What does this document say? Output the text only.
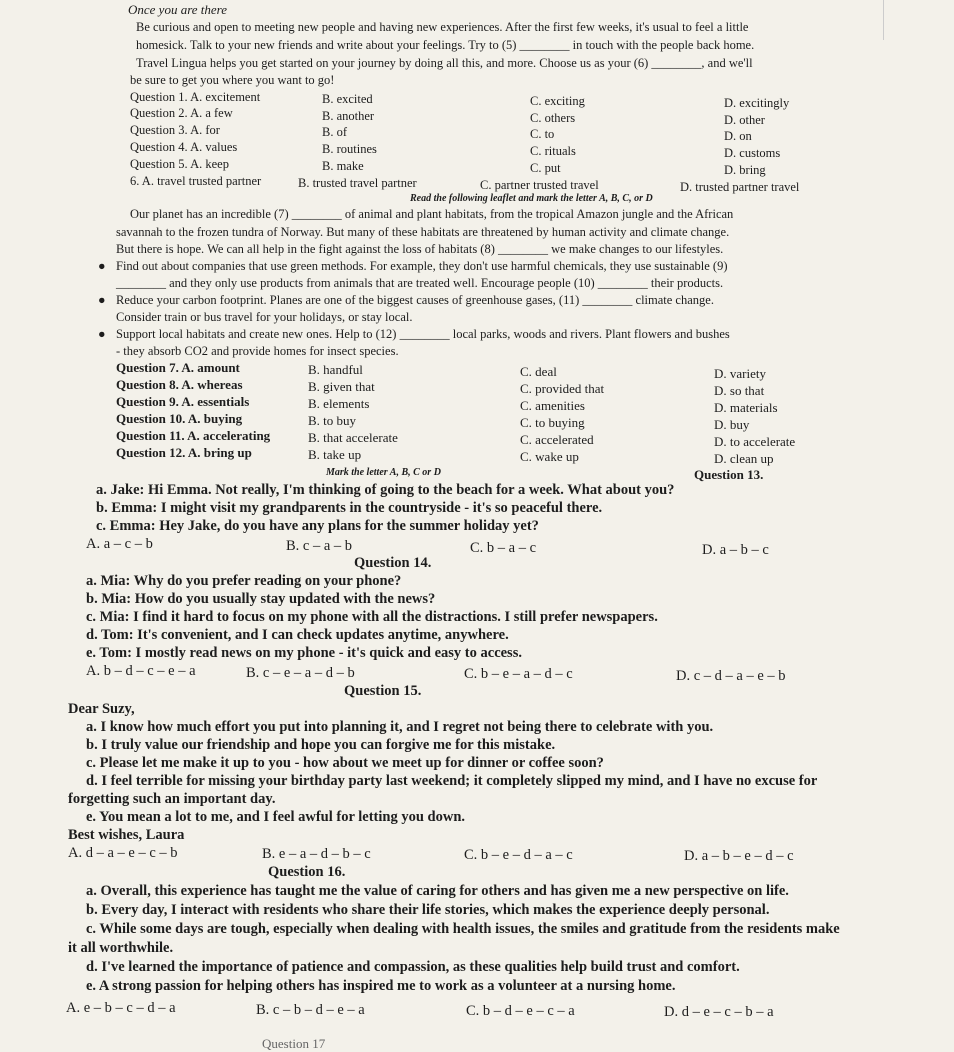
Once you are there
Be curious and open to meeting new people and having new experiences. After the first few weeks, it's usual to feel a little
homesick. Talk to your new friends and write about your feelings. Try to (5) ________ in touch with the people back home.
Travel Lingua helps you get started on your journey by doing all this, and more. Choose us as your (6) ________, and we'll
be sure to get you where you want to go!
Question 1. A. excitement	B. excited	C. exciting	D. excitingly
Question 2. A. a few	B. another	C. others	D. other
Question 3. A. for	B. of	C. to	D. on
Question 4. A. values	B. routines	C. rituals	D. customs
Question 5. A. keep	B. make	C. put	D. bring
6. A. travel trusted partner	B. trusted travel partner	C. partner trusted travel	D. trusted partner travel
Read the following leaflet and mark the letter A, B, C, or D
Our planet has an incredible (7) ________ of animal and plant habitats, from the tropical Amazon jungle and the African
savannah to the frozen tundra of Norway. But many of these habitats are threatened by human activity and climate change.
But there is hope. We can all help in the fight against the loss of habitats (8) ________ we make changes to our lifestyles.
● Find out about companies that use green methods. For example, they don't use harmful chemicals, they use sustainable (9)
________ and they only use products from animals that are treated well. Encourage people (10) ________ their products.
● Reduce your carbon footprint. Planes are one of the biggest causes of greenhouse gases, (11) ________ climate change.
Consider train or bus travel for your holidays, or stay local.
● Support local habitats and create new ones. Help to (12) ________ local parks, woods and rivers. Plant flowers and bushes
- they absorb CO2 and provide homes for insect species.
Question 7. A. amount	B. handful	C. deal	D. variety
Question 8. A. whereas	B. given that	C. provided that	D. so that
Question 9. A. essentials	B. elements	C. amenities	D. materials
Question 10. A. buying	B. to buy	C. to buying	D. buy
Question 11. A. accelerating	B. that accelerate	C. accelerated	D. to accelerate
Question 12. A. bring up	B. take up	C. wake up	D. clean up
Mark the letter A, B, C or D	Question 13.
a. Jake: Hi Emma. Not really, I'm thinking of going to the beach for a week. What about you?
b. Emma: I might visit my grandparents in the countryside - it's so peaceful there.
c. Emma: Hey Jake, do you have any plans for the summer holiday yet?
A. a – c – b	B. c – a – b	C. b – a – c	D. a – b – c
Question 14.
a. Mia: Why do you prefer reading on your phone?
b. Mia: How do you usually stay updated with the news?
c. Mia: I find it hard to focus on my phone with all the distractions. I still prefer newspapers.
d. Tom: It's convenient, and I can check updates anytime, anywhere.
e. Tom: I mostly read news on my phone - it's quick and easy to access.
A. b – d – c – e – a	B. c – e – a – d – b	C. b – e – a – d – c	D. c – d – a – e – b
Question 15.
Dear Suzy,
a. I know how much effort you put into planning it, and I regret not being there to celebrate with you.
b. I truly value our friendship and hope you can forgive me for this mistake.
c. Please let me make it up to you - how about we meet up for dinner or coffee soon?
d. I feel terrible for missing your birthday party last weekend; it completely slipped my mind, and I have no excuse for
forgetting such an important day.
e. You mean a lot to me, and I feel awful for letting you down.
Best wishes, Laura
A. d – a – e – c – b	B. e – a – d – b – c	C. b – e – d – a – c	D. a – b – e – d – c
Question 16.
a. Overall, this experience has taught me the value of caring for others and has given me a new perspective on life.
b. Every day, I interact with residents who share their life stories, which makes the experience deeply personal.
c. While some days are tough, especially when dealing with health issues, the smiles and gratitude from the residents make
it all worthwhile.
d. I've learned the importance of patience and compassion, as these qualities help build trust and comfort.
e. A strong passion for helping others has inspired me to work as a volunteer at a nursing home.
A. e – b – c – d – a	B. c – b – d – e – a	C. b – d – e – c – a	D. d – e – c – b – a
Question 17
